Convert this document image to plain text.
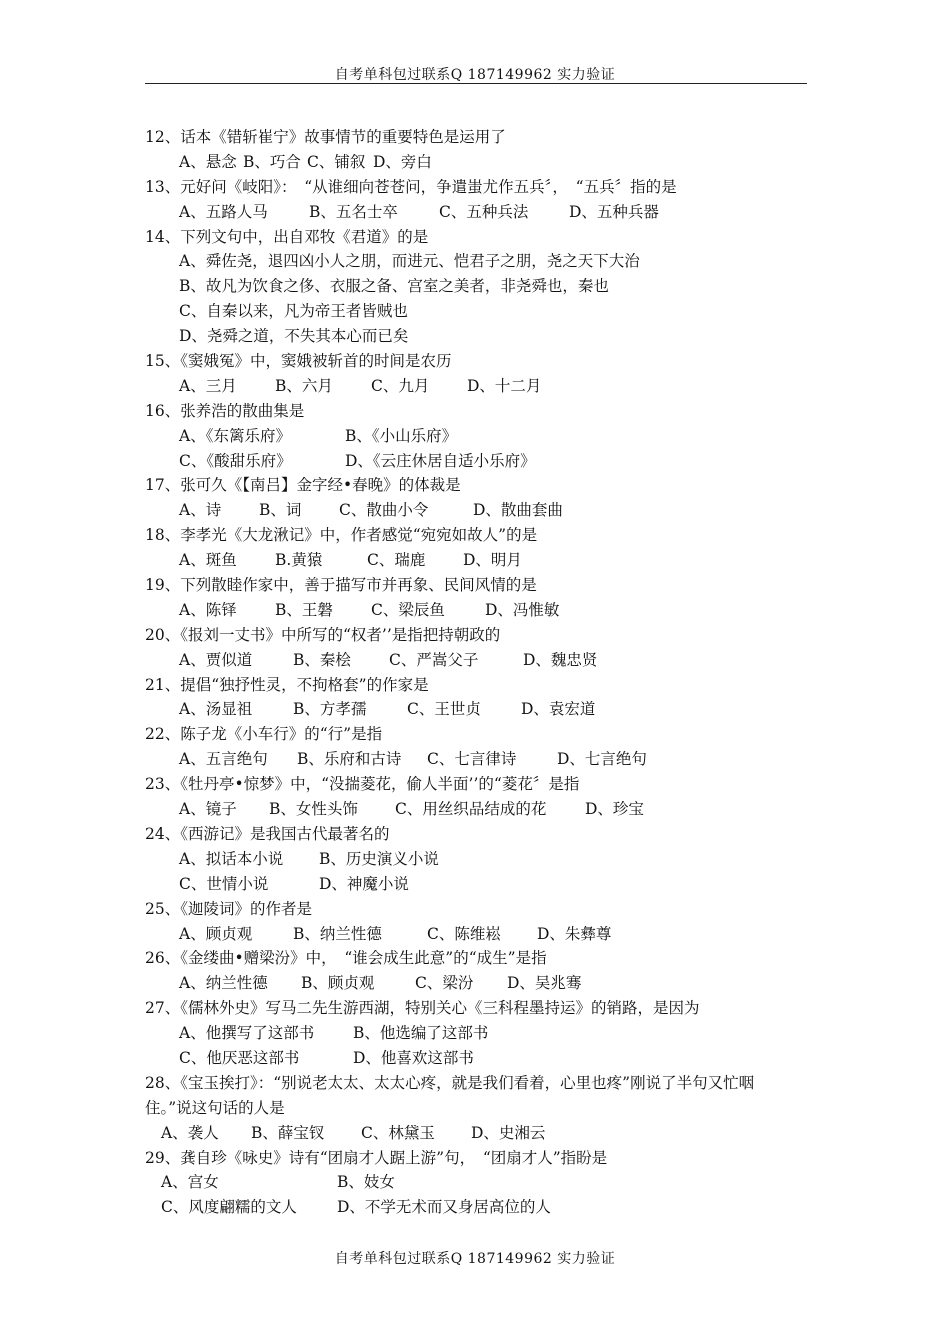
自考单科包过联系Q 187149962 实力验证
12、话本《错斩崔宁》故事情节的重要特色是运用了
A、悬念 B、巧合 C、铺叙 D、旁白
13、元好问《岐阳》：　“从谁细向苍苍问，争遣蚩尤作五兵〞，　“五兵〞指的是
A、五路人马	B、五名士卒	C、五种兵法	D、五种兵器
14、下列文句中，出自邓牧《君道》的是
A、舜佐尧，退四凶小人之朋，而进元、恺君子之朋，尧之天下大治
B、故凡为饮食之侈、衣服之备、宫室之美者，非尧舜也，秦也
C、自秦以来，凡为帝王者皆贼也
D、尧舜之道，不失其本心而已矣
15、《窦娥冤》中，窦娥被斩首的时间是农历
A、三月 B、六月 C、九月 D、十二月
16、张养浩的散曲集是
A、《东篱乐府》	B、《小山乐府》
C、《酸甜乐府》	D、《云庄休居自适小乐府》
17、张可久《【南吕】金字经•春晚》的体裁是
A、诗 B、词 C、散曲小令	D、散曲套曲
18、李孝光《大龙湫记》中，作者感觉“宛宛如故人”的是
A、斑鱼 B.黄猿	C、瑞鹿 D、明月
19、下列散睦作家中，善于描写市并再象、民间风情的是
A、陈铎 B、王磐 C、梁辰鱼	D、冯惟敏
20、《报刘一丈书》中所写的“权者’’是指把持朝政的
A、贾似道	B、秦桧 C、严嵩父子	D、魏忠贤
21、提倡“独抒性灵，不拘格套”的作家是
A、汤显祖	B、方孝孺	C、王世贞	D、袁宏道
22、陈子龙《小车行》的“行”是指
A、五言绝句 B、乐府和古诗 C、七言律诗	D、七言绝句
23、《牡丹亭•惊梦》中，“没揣菱花，偷人半面’’的“菱花〞是指
A、镜子 B、女性头饰 C、用丝织品结成的花 D、珍宝
24、《西游记》是我国古代最著名的
A、拟话本小说 B、历史演义小说
C、世情小说	D、神魔小说
25、《迦陵词》的作者是
A、顾贞观	B、纳兰性德	C、陈维崧 D、朱彝尊
26、《金缕曲•赠梁汾》中，　“谁会成生此意”的“成生”是指
A、纳兰性德 B、顾贞观	C、梁汾 D、吴兆骞
27、《儒林外史》写马二先生游西湖，特别关心《三科程墨持运》的销路，是因为
A、他撰写了这部书	B、他选编了这部书
C、他厌恶这部书	D、他喜欢这部书
28、《宝玉挨打》：“别说老太太、太太心疼，就是我们看着，心里也疼”刚说了半句又忙咽
住。”说这句话的人是
A、袭人 B、薛宝钗 C、林黛玉 D、史湘云
29、龚自珍《咏史》诗有“团扇才人踞上游”句，　“团扇才人”指盼是
A、宫女	B、妓女
C、风度翩糯的文人	D、不学无术而又身居高位的人
自考单科包过联系Q 187149962 实力验证
